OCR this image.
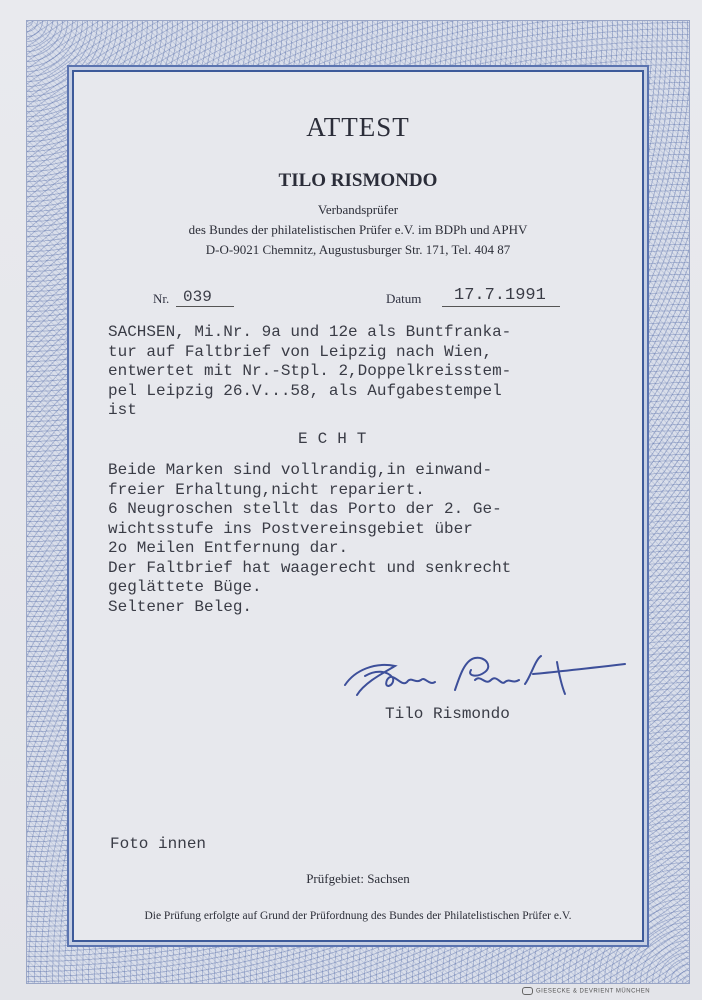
ATTEST
TILO RISMONDO
Verbandsprüfer
des Bundes der philatelistischen Prüfer e.V. im BDPh und APHV
D-O-9021 Chemnitz, Augustusburger Str. 171, Tel. 404 87
Nr. 039	Datum 17.7.1991
SACHSEN, Mi.Nr. 9a und 12e als Buntfranka-
tur auf Faltbrief von Leipzig nach Wien,
entwertet mit Nr.-Stpl. 2,Doppelkreisstem-
pel Leipzig 26.V...58, als Aufgabestempel
ist
ECHT
Beide Marken sind vollrandig,in einwand-
freier Erhaltung,nicht repariert.
6 Neugroschen stellt das Porto der 2. Ge-
wichtsstufe ins Postvereinsgebiet über
2o Meilen Entfernung dar.
Der Faltbrief hat waagerecht und senkrecht
geglättete Büge.
Seltener Beleg.
Tilo Rismondo
Foto innen
Prüfgebiet: Sachsen
Die Prüfung erfolgte auf Grund der Prüfordnung des Bundes der Philatelistischen Prüfer e.V.
GIESECKE & DEVRIENT MÜNCHEN
